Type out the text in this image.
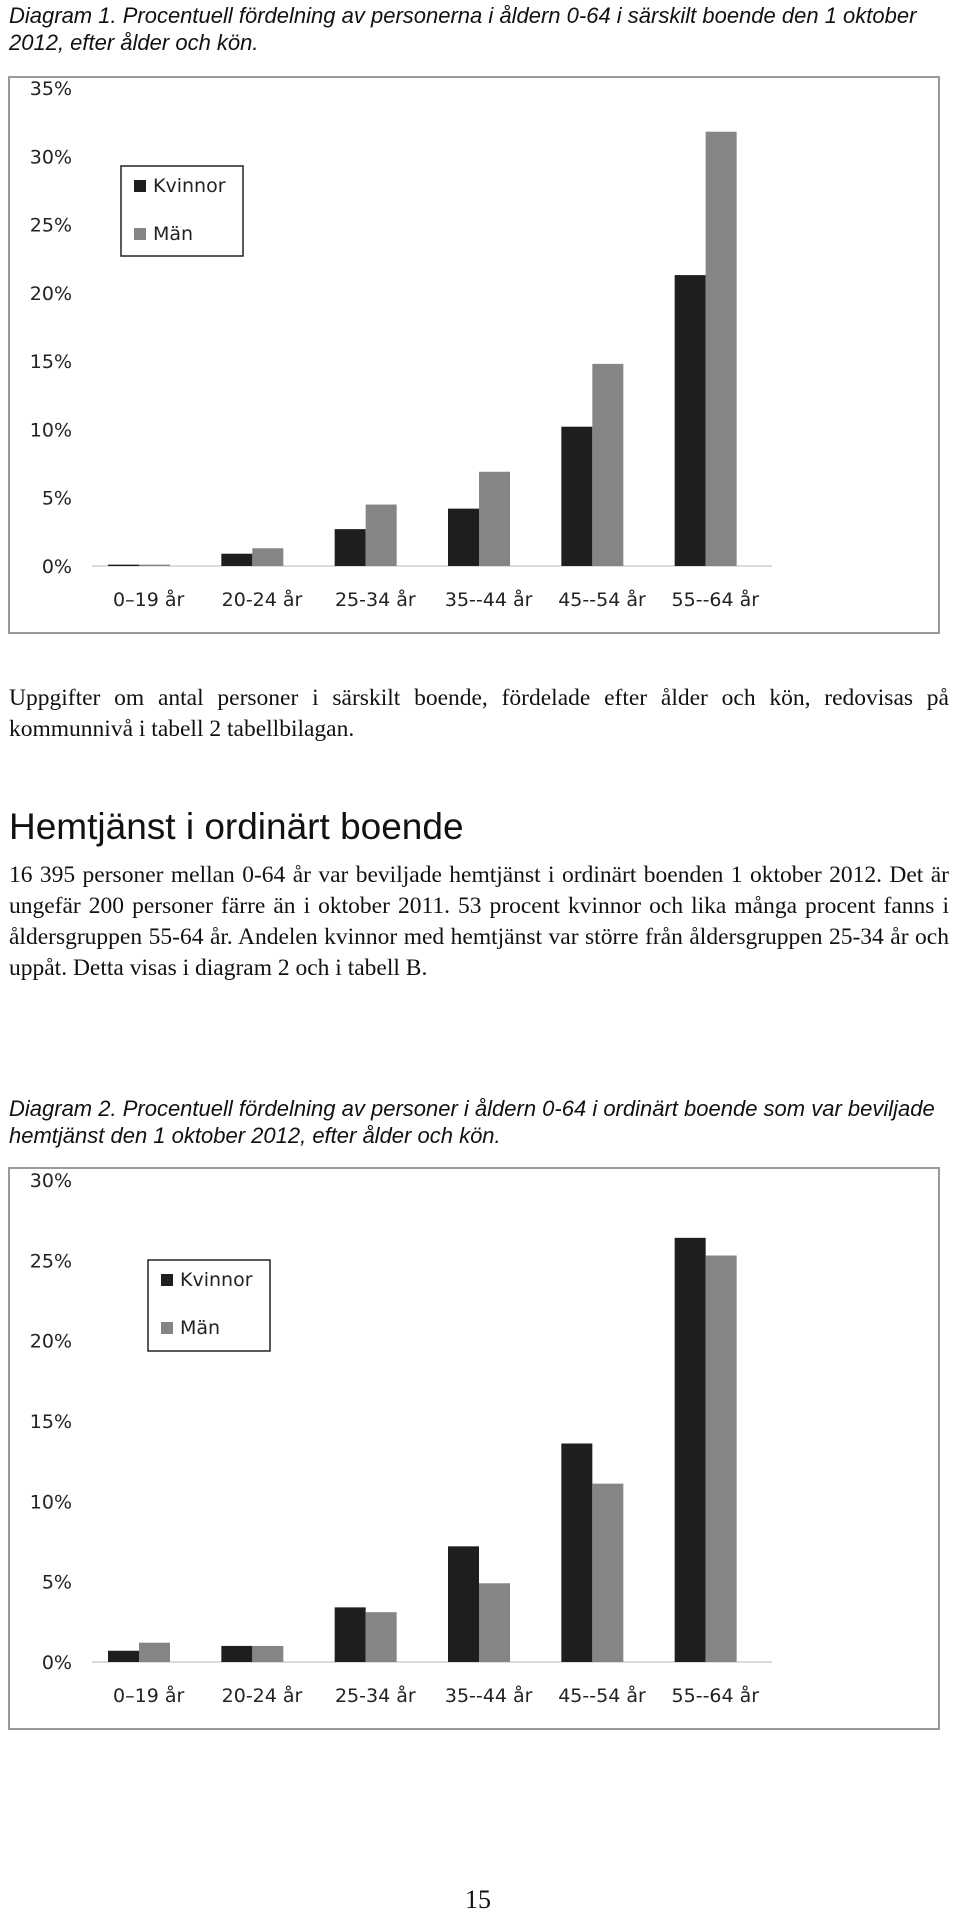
Diagram 1. Procentuell fördelning av personerna i åldern 0-64 i särskilt boende den 1 oktober 2012, efter ålder och kön.

0%
5%
10%
15%
20%
25%
30%
35%
0–19 år 20‐24 år 25‐34 år 35‐-44 år 45‐-54 år 55‐-64 år
Kvinnor
Män

Uppgifter om antal personer i särskilt boende, fördelade efter ålder och kön, redovisas på kommunnivå i tabell 2 tabellbilagan.

Hemtjänst i ordinärt boende

16 395 personer mellan 0-64 år var beviljade hemtjänst i ordinärt boenden 1 oktober 2012. Det är ungefär 200 personer färre än i oktober 2011. 53 procent kvinnor och lika många procent fanns i åldersgruppen 55-64 år. Andelen kvinnor med hemtjänst var större från åldersgruppen 25-34 år och uppåt. Detta visas i diagram 2 och i tabell B.

Diagram 2. Procentuell fördelning av personer i åldern 0-64 i ordinärt boende som var beviljade hemtjänst den 1 oktober 2012, efter ålder och kön.

0%
5%
10%
15%
20%
25%
30%
0–19 år 20‐24 år 25‐34 år 35‐-44 år 45‐-54 år 55‐-64 år
Kvinnor
Män
15
